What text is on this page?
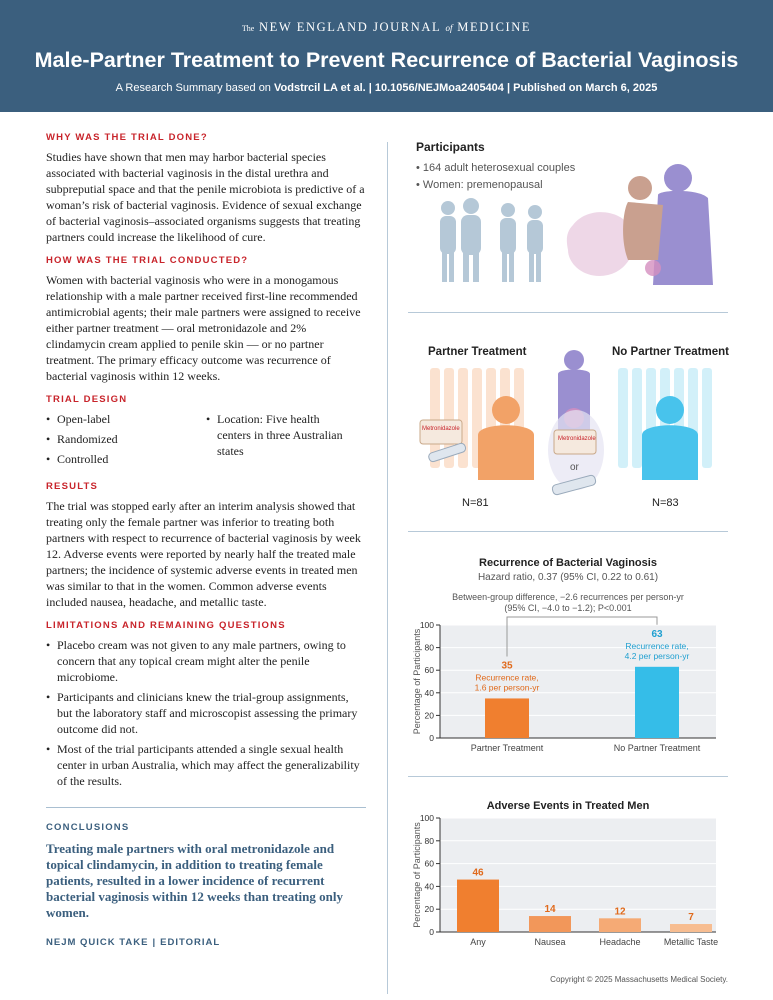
The NEW ENGLAND JOURNAL of MEDICINE
Male-Partner Treatment to Prevent Recurrence of Bacterial Vaginosis
A Research Summary based on Vodstrcil LA et al. | 10.1056/NEJMoa2405404 | Published on March 6, 2025
WHY WAS THE TRIAL DONE?

Studies have shown that men may harbor bacterial species associated with bacterial vaginosis in the distal urethra and subpreputial space and that the penile microbiota is predictive of a woman’s risk of bacterial vaginosis. Evidence of sexual exchange of bacterial vaginosis–associated organisms suggests that treating partners could increase the likelihood of cure.

HOW WAS THE TRIAL CONDUCTED?

Women with bacterial vaginosis who were in a monogamous relationship with a male partner received first-line recommended antimicrobial agents; their male partners were assigned to receive either partner treatment — oral metronidazole and 2% clindamycin cream applied to penile skin — or no partner treatment. The primary efficacy outcome was recurrence of bacterial vaginosis within 12 weeks.

TRIAL DESIGN
• Open-label
• Randomized
• Controlled
• Location: Five health centers in three Australian states
RESULTS

The trial was stopped early after an interim analysis showed that treating only the female partner was inferior to treating both partners with respect to recurrence of bacterial vaginosis by week 12. Adverse events were reported by nearly half the treated male partners; the incidence of systemic adverse events in treated men was similar to that in the women. Common adverse events included nausea, headache, and metallic taste.

LIMITATIONS AND REMAINING QUESTIONS
• Placebo cream was not given to any male partners, owing to concern that any topical cream might alter the penile microbiome.
• Participants and clinicians knew the trial-group assignments, but the laboratory staff and microscopist assessing the primary outcome did not.
• Most of the trial participants attended a single sexual health center in urban Australia, which may affect the generalizability of the results.
CONCLUSIONS
Treating male partners with oral metronidazole and topical clindamycin, in addition to treating female patients, resulted in a lower incidence of recurrent bacterial vaginosis within 12 weeks than treating only women.
NEJM QUICK TAKE | EDITORIAL
Participants
• 164 adult heterosexual couples
• Women: premenopausal
Partner Treatment	No Partner Treatment
Metronidazole
Metronidazole
or
N=81	N=83
Recurrence of Bacterial Vaginosis
Hazard ratio, 0.37 (95% CI, 0.22 to 0.61)
Between-group difference, −2.6 recurrences per person-yr
(95% CI, −4.0 to −1.2); P<0.001
0
20
40
60
80
100
Percentage of Participants	35
Recurrence rate,
1.6 per person-yr
Partner Treatment
63
Recurrence rate,
4.2 per person-yr
No Partner Treatment
Adverse Events in Treated Men
0
20
40
60
80
100
Percentage of Participants	46
Any
14
Nausea
12
Headache
7
Metallic Taste
Copyright © 2025 Massachusetts Medical Society.
